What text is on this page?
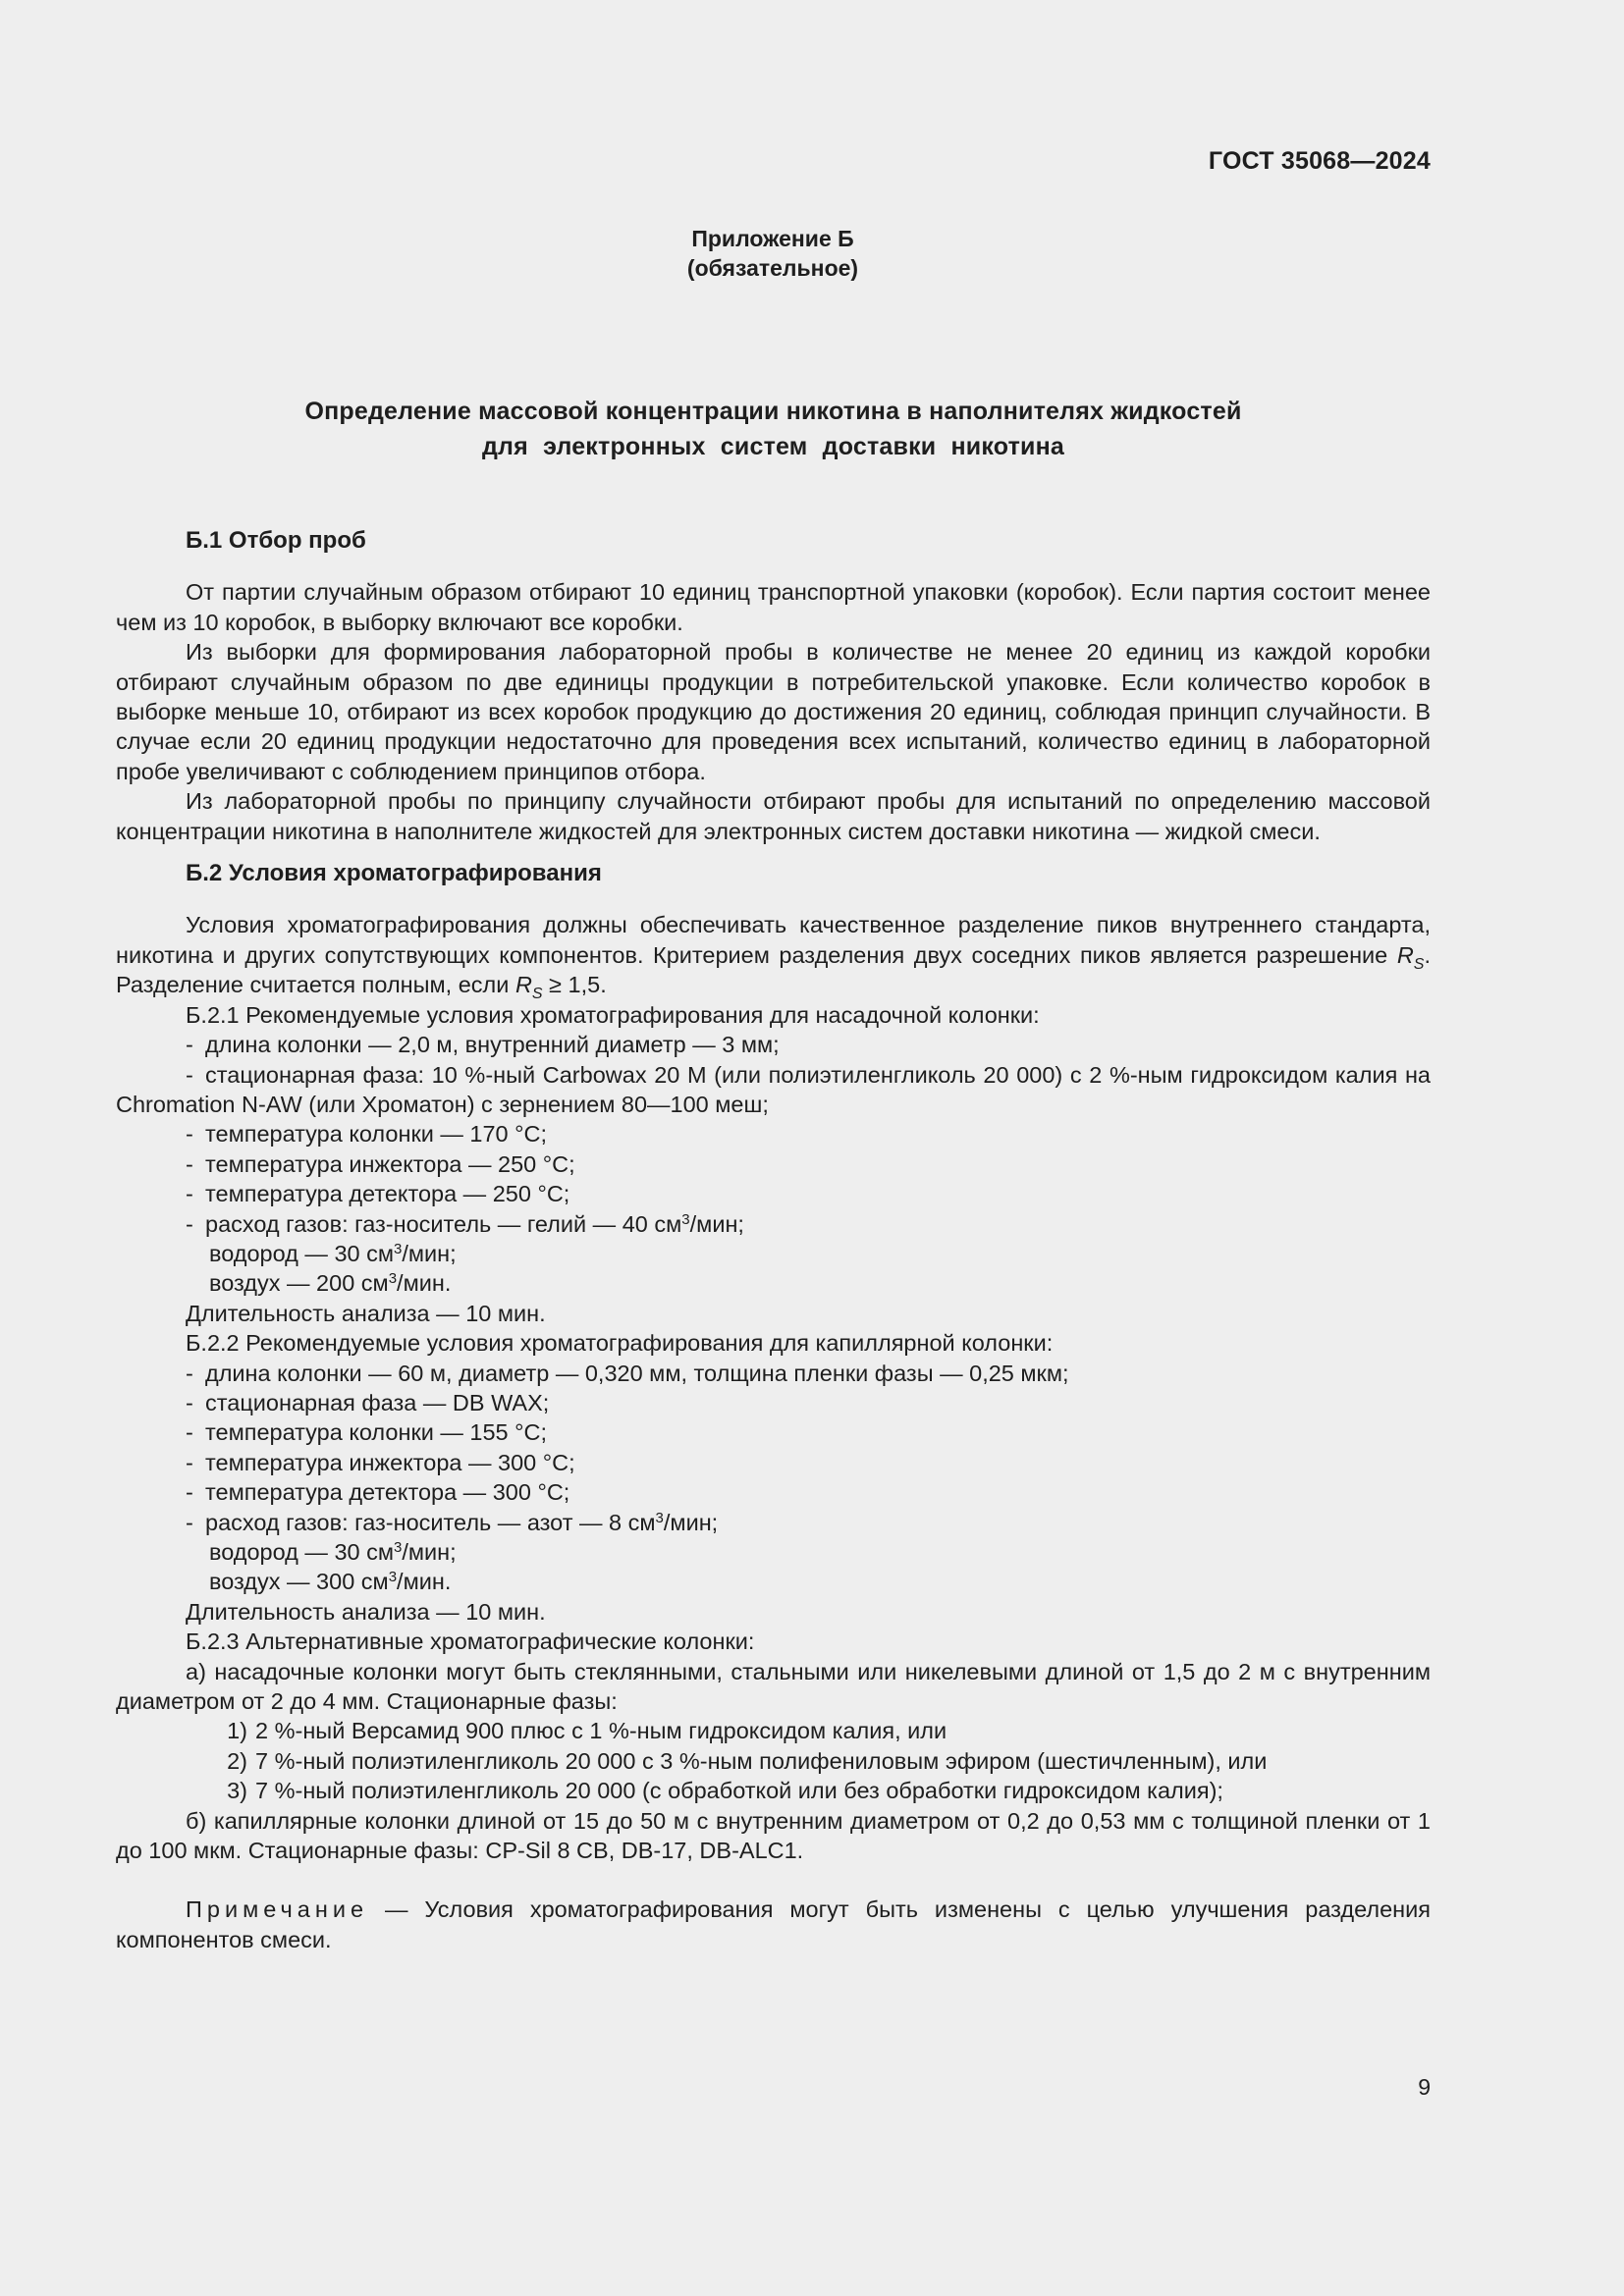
ГОСТ 35068—2024
Приложение Б
(обязательное)
Определение массовой концентрации никотина в наполнителях жидкостей
для электронных систем доставки никотина
Б.1 Отбор проб

От партии случайным образом отбирают 10 единиц транспортной упаковки (коробок). Если партия состоит менее чем из 10 коробок, в выборку включают все коробки.

Из выборки для формирования лабораторной пробы в количестве не менее 20 единиц из каждой коробки отбирают случайным образом по две единицы продукции в потребительской упаковке. Если количество коробок в выборке меньше 10, отбирают из всех коробок продукцию до достижения 20 единиц, соблюдая принцип случайности. В случае если 20 единиц продукции недостаточно для проведения всех испытаний, количество единиц в лабораторной пробе увеличивают с соблюдением принципов отбора.

Из лабораторной пробы по принципу случайности отбирают пробы для испытаний по определению массовой концентрации никотина в наполнителе жидкостей для электронных систем доставки никотина — жидкой смеси.

Б.2 Условия хроматографирования

Условия хроматографирования должны обеспечивать качественное разделение пиков внутреннего стандарта, никотина и других сопутствующих компонентов. Критерием разделения двух соседних пиков является разрешение $R_S$. Разделение считается полным, если $R_S \ge 1,5$.

Б.2.1 Рекомендуемые условия хроматографирования для насадочной колонки:
- длина колонки — 2,0 м, внутренний диаметр — 3 мм;
- стационарная фаза: 10 %-ный Carbowax 20 M (или полиэтиленгликоль 20 000) с 2 %-ным гидроксидом калия на Chromation N-AW (или Хроматон) с зернением 80—100 меш;
- температура колонки — 170 °С;
- температура инжектора — 250 °С;
- температура детектора — 250 °С;
- расход газов: газ-носитель — гелий — 40 $см^3$/мин;
водород — 30 $см^3$/мин;
воздух — 200 $см^3$/мин.
Длительность анализа — 10 мин.
Б.2.2 Рекомендуемые условия хроматографирования для капиллярной колонки:
- длина колонки — 60 м, диаметр — 0,320 мм, толщина пленки фазы — 0,25 мкм;
- стационарная фаза — DB WAX;
- температура колонки — 155 °С;
- температура инжектора — 300 °С;
- температура детектора — 300 °С;
- расход газов: газ-носитель — азот — 8 $см^3$/мин;
водород — 30 $см^3$/мин;
воздух — 300 $см^3$/мин.
Длительность анализа — 10 мин.
Б.2.3 Альтернативные хроматографические колонки:

а) насадочные колонки могут быть стеклянными, стальными или никелевыми длиной от 1,5 до 2 м с внутренним диаметром от 2 до 4 мм. Стационарные фазы:

1) 2 %-ный Версамид 900 плюс с 1 %-ным гидроксидом калия, или
2) 7 %-ный полиэтиленгликоль 20 000 с 3 %-ным полифениловым эфиром (шестичленным), или
3) 7 %-ный полиэтиленгликоль 20 000 (с обработкой или без обработки гидроксидом калия);

б) капиллярные колонки длиной от 15 до 50 м с внутренним диаметром от 0,2 до 0,53 мм с толщиной пленки от 1 до 100 мкм. Стационарные фазы: CP-Sil 8 CB, DB-17, DB-ALC1.

Примечание — Условия хроматографирования могут быть изменены с целью улучшения разделения компонентов смеси.

9
